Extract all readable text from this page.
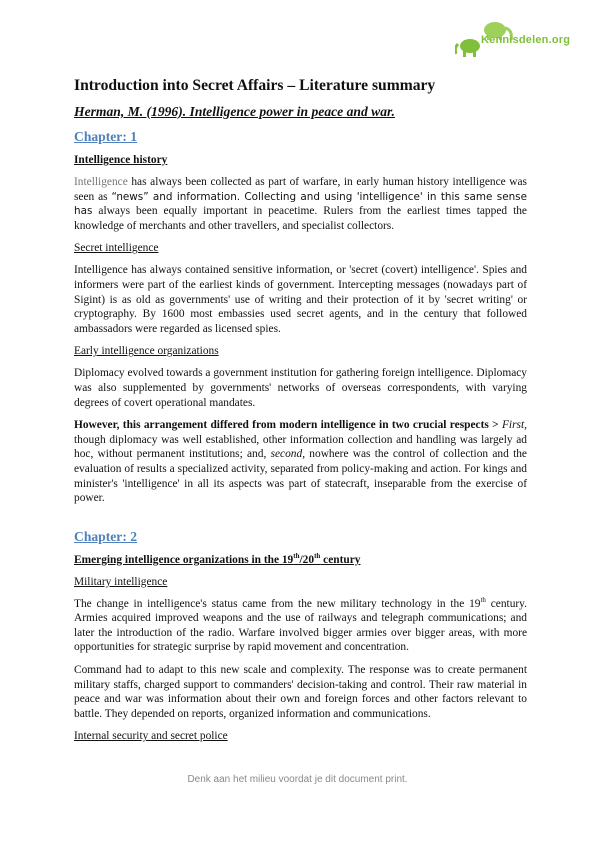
Kennisdelen.org
Introduction into Secret Affairs – Literature summary
Herman, M. (1996). Intelligence power in peace and war.
Chapter: 1
Intelligence history

Intelligence has always been collected as part of warfare, in early human history intelligence was seen as “news” and information. Collecting and using 'intelligence' in this same sense has always been equally important in peacetime. Rulers from the earliest times tapped the knowledge of merchants and other travellers, and specialist collectors.

Secret intelligence

Intelligence has always contained sensitive information, or 'secret (covert) intelligence'. Spies and informers were part of the earliest kinds of government. Intercepting messages (nowadays part of Sigint) is as old as governments' use of writing and their protection of it by 'secret writing' or cryptography. By 1600 most embassies used secret agents, and in the century that followed ambassadors were regarded as licensed spies.

Early intelligence organizations

Diplomacy evolved towards a government institution for gathering foreign intelligence. Diplomacy was also supplemented by governments' networks of overseas correspondents, with varying degrees of covert operational mandates.

However, this arrangement differed from modern intelligence in two crucial respects > First, though diplomacy was well established, other information collection and handling was largely ad hoc, without permanent institutions; and, second, nowhere was the control of collection and the evaluation of results a specialized activity, separated from policy-making and action. For kings and minister's 'intelligence' in all its aspects was part of statecraft, inseparable from the exercise of power.

Chapter: 2
Emerging intelligence organizations in the 19th/20th century
Military intelligence

The change in intelligence's status came from the new military technology in the 19th century. Armies acquired improved weapons and the use of railways and telegraph communications; and later the introduction of the radio. Warfare involved bigger armies over bigger areas, with more opportunities for strategic surprise by rapid movement and concentration.

Command had to adapt to this new scale and complexity. The response was to create permanent military staffs, charged support to commanders' decision-taking and control. Their raw material in peace and war was information about their own and foreign forces and other factors relevant to battle. They depended on reports, organized information and communications.

Internal security and secret police
Denk aan het milieu voordat je dit document print.
